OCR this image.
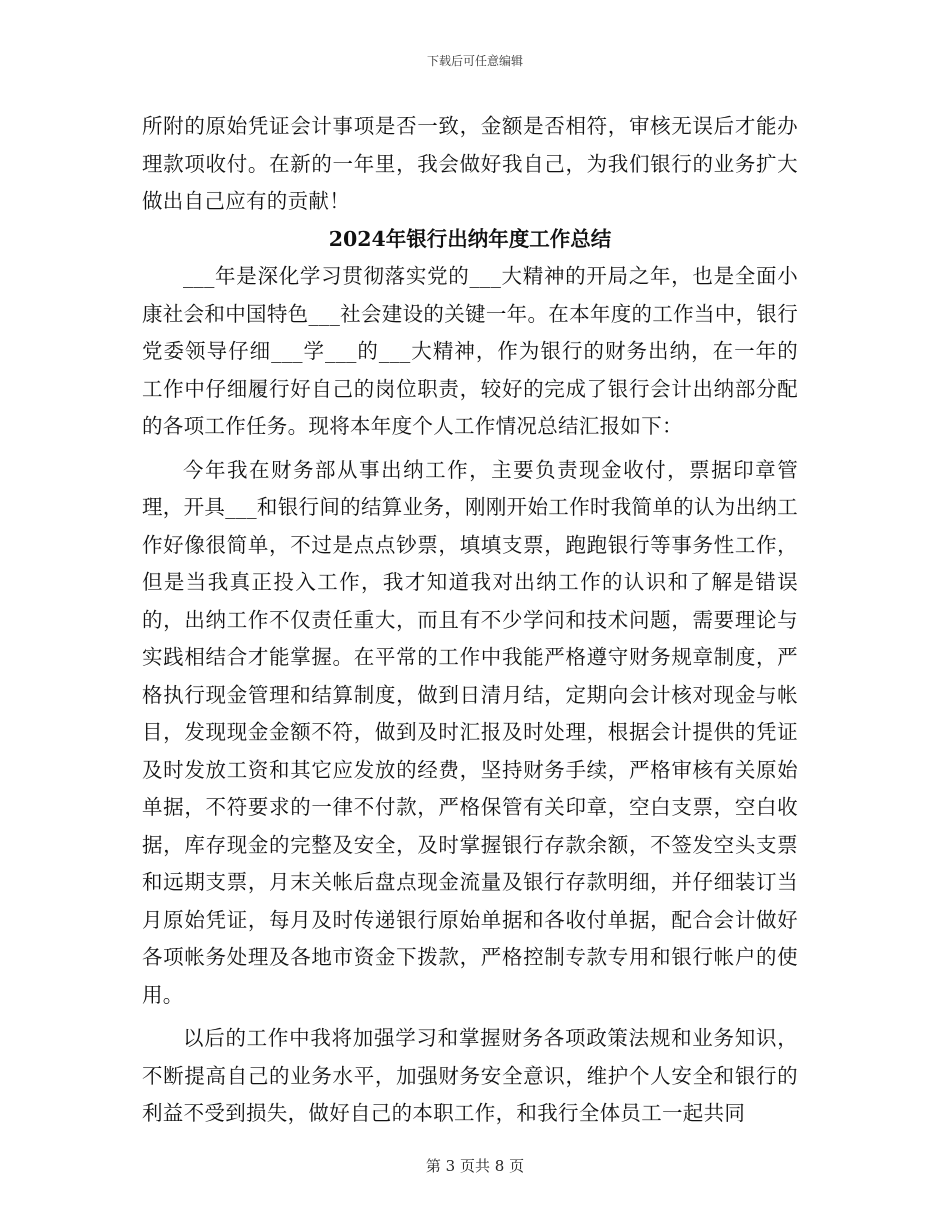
下载后可任意编辑

所附的原始凭证会计事项是否一致，金额是否相符，审核无误后才能办理款项收付。在新的一年里，我会做好我自己，为我们银行的业务扩大做出自己应有的贡献！

2024年银行出纳年度工作总结

___年是深化学习贯彻落实党的___大精神的开局之年，也是全面小康社会和中国特色___社会建设的关键一年。在本年度的工作当中，银行党委领导仔细___学___的___大精神，作为银行的财务出纳，在一年的工作中仔细履行好自己的岗位职责，较好的完成了银行会计出纳部分配的各项工作任务。现将本年度个人工作情况总结汇报如下：

今年我在财务部从事出纳工作，主要负责现金收付，票据印章管理，开具___和银行间的结算业务，刚刚开始工作时我简单的认为出纳工作好像很简单，不过是点点钞票，填填支票，跑跑银行等事务性工作，但是当我真正投入工作，我才知道我对出纳工作的认识和了解是错误的，出纳工作不仅责任重大，而且有不少学问和技术问题，需要理论与实践相结合才能掌握。在平常的工作中我能严格遵守财务规章制度，严格执行现金管理和结算制度，做到日清月结，定期向会计核对现金与帐目，发现现金金额不符，做到及时汇报及时处理，根据会计提供的凭证及时发放工资和其它应发放的经费，坚持财务手续，严格审核有关原始单据，不符要求的一律不付款，严格保管有关印章，空白支票，空白收据，库存现金的完整及安全，及时掌握银行存款余额，不签发空头支票和远期支票，月末关帐后盘点现金流量及银行存款明细，并仔细装订当月原始凭证，每月及时传递银行原始单据和各收付单据，配合会计做好各项帐务处理及各地市资金下拨款，严格控制专款专用和银行帐户的使用。

以后的工作中我将加强学习和掌握财务各项政策法规和业务知识，不断提高自己的业务水平，加强财务安全意识，维护个人安全和银行的利益不受到损失，做好自己的本职工作，和我行全体员工一起共同

第 3 页共 8 页
